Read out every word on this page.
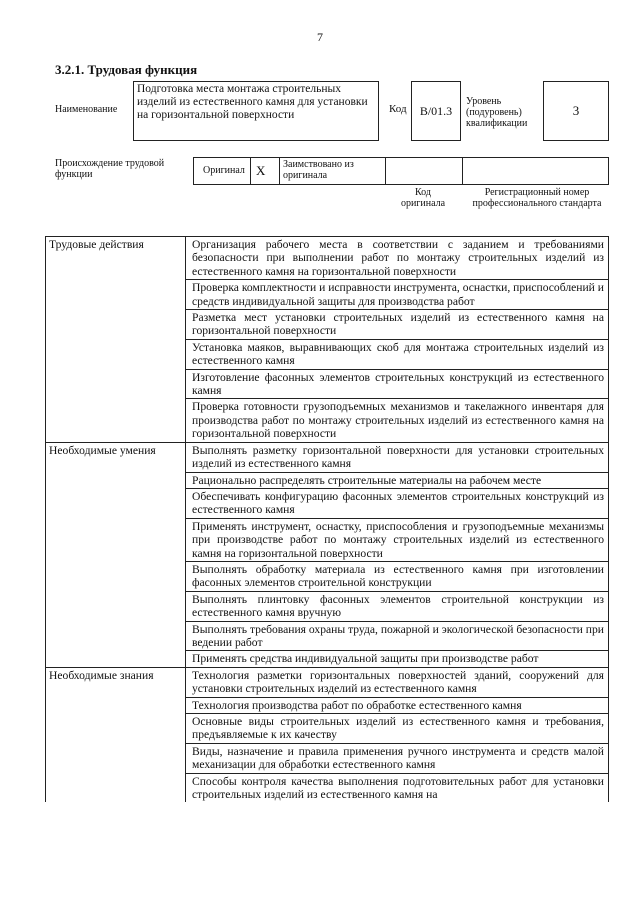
7
3.2.1. Трудовая функция
Наименование
Подготовка места монтажа строительных изделий из естественного камня для установки на горизонтальной поверхности	Код B/01.3
Уровень (подуровень) квалификации
3
Происхождение трудовой функции	Оригинал X Заимствовано из оригинала
Код оригинала
Регистрационный номер профессионального стандарта
Трудовые действия	Организация рабочего места в соответствии с заданием и требованиями безопасности при выполнении работ по монтажу строительных изделий из естественного камня на горизонтальной поверхности
	Проверка комплектности и исправности инструмента, оснастки, приспособлений и средств индивидуальной защиты для производства работ
	Разметка мест установки строительных изделий из естественного камня на горизонтальной поверхности
	Установка маяков, выравнивающих скоб для монтажа строительных изделий из естественного камня
	Изготовление фасонных элементов строительных конструкций из естественного камня
	Проверка готовности грузоподъемных механизмов и такелажного инвентаря для производства работ по монтажу строительных изделий из естественного камня на горизонтальной поверхности
Необходимые умения	Выполнять разметку горизонтальной поверхности для установки строительных изделий из естественного камня
	Рационально распределять строительные материалы на рабочем месте
	Обеспечивать конфигурацию фасонных элементов строительных конструкций из естественного камня
	Применять инструмент, оснастку, приспособления и грузоподъемные механизмы при производстве работ по монтажу строительных изделий из естественного камня на горизонтальной поверхности
	Выполнять обработку материала из естественного камня при изготовлении фасонных элементов строительной конструкции
	Выполнять плинтовку фасонных элементов строительной конструкции из естественного камня вручную
	Выполнять требования охраны труда, пожарной и экологической безопасности при ведении работ
	Применять средства индивидуальной защиты при производстве работ
Необходимые знания	Технология разметки горизонтальных поверхностей зданий, сооружений для установки строительных изделий из естественного камня
	Технология производства работ по обработке естественного камня
	Основные виды строительных изделий из естественного камня и требования, предъявляемые к их качеству
	Виды, назначение и правила применения ручного инструмента и средств малой механизации для обработки естественного камня
	Способы контроля качества выполнения подготовительных работ для установки строительных изделий из естественного камня на
